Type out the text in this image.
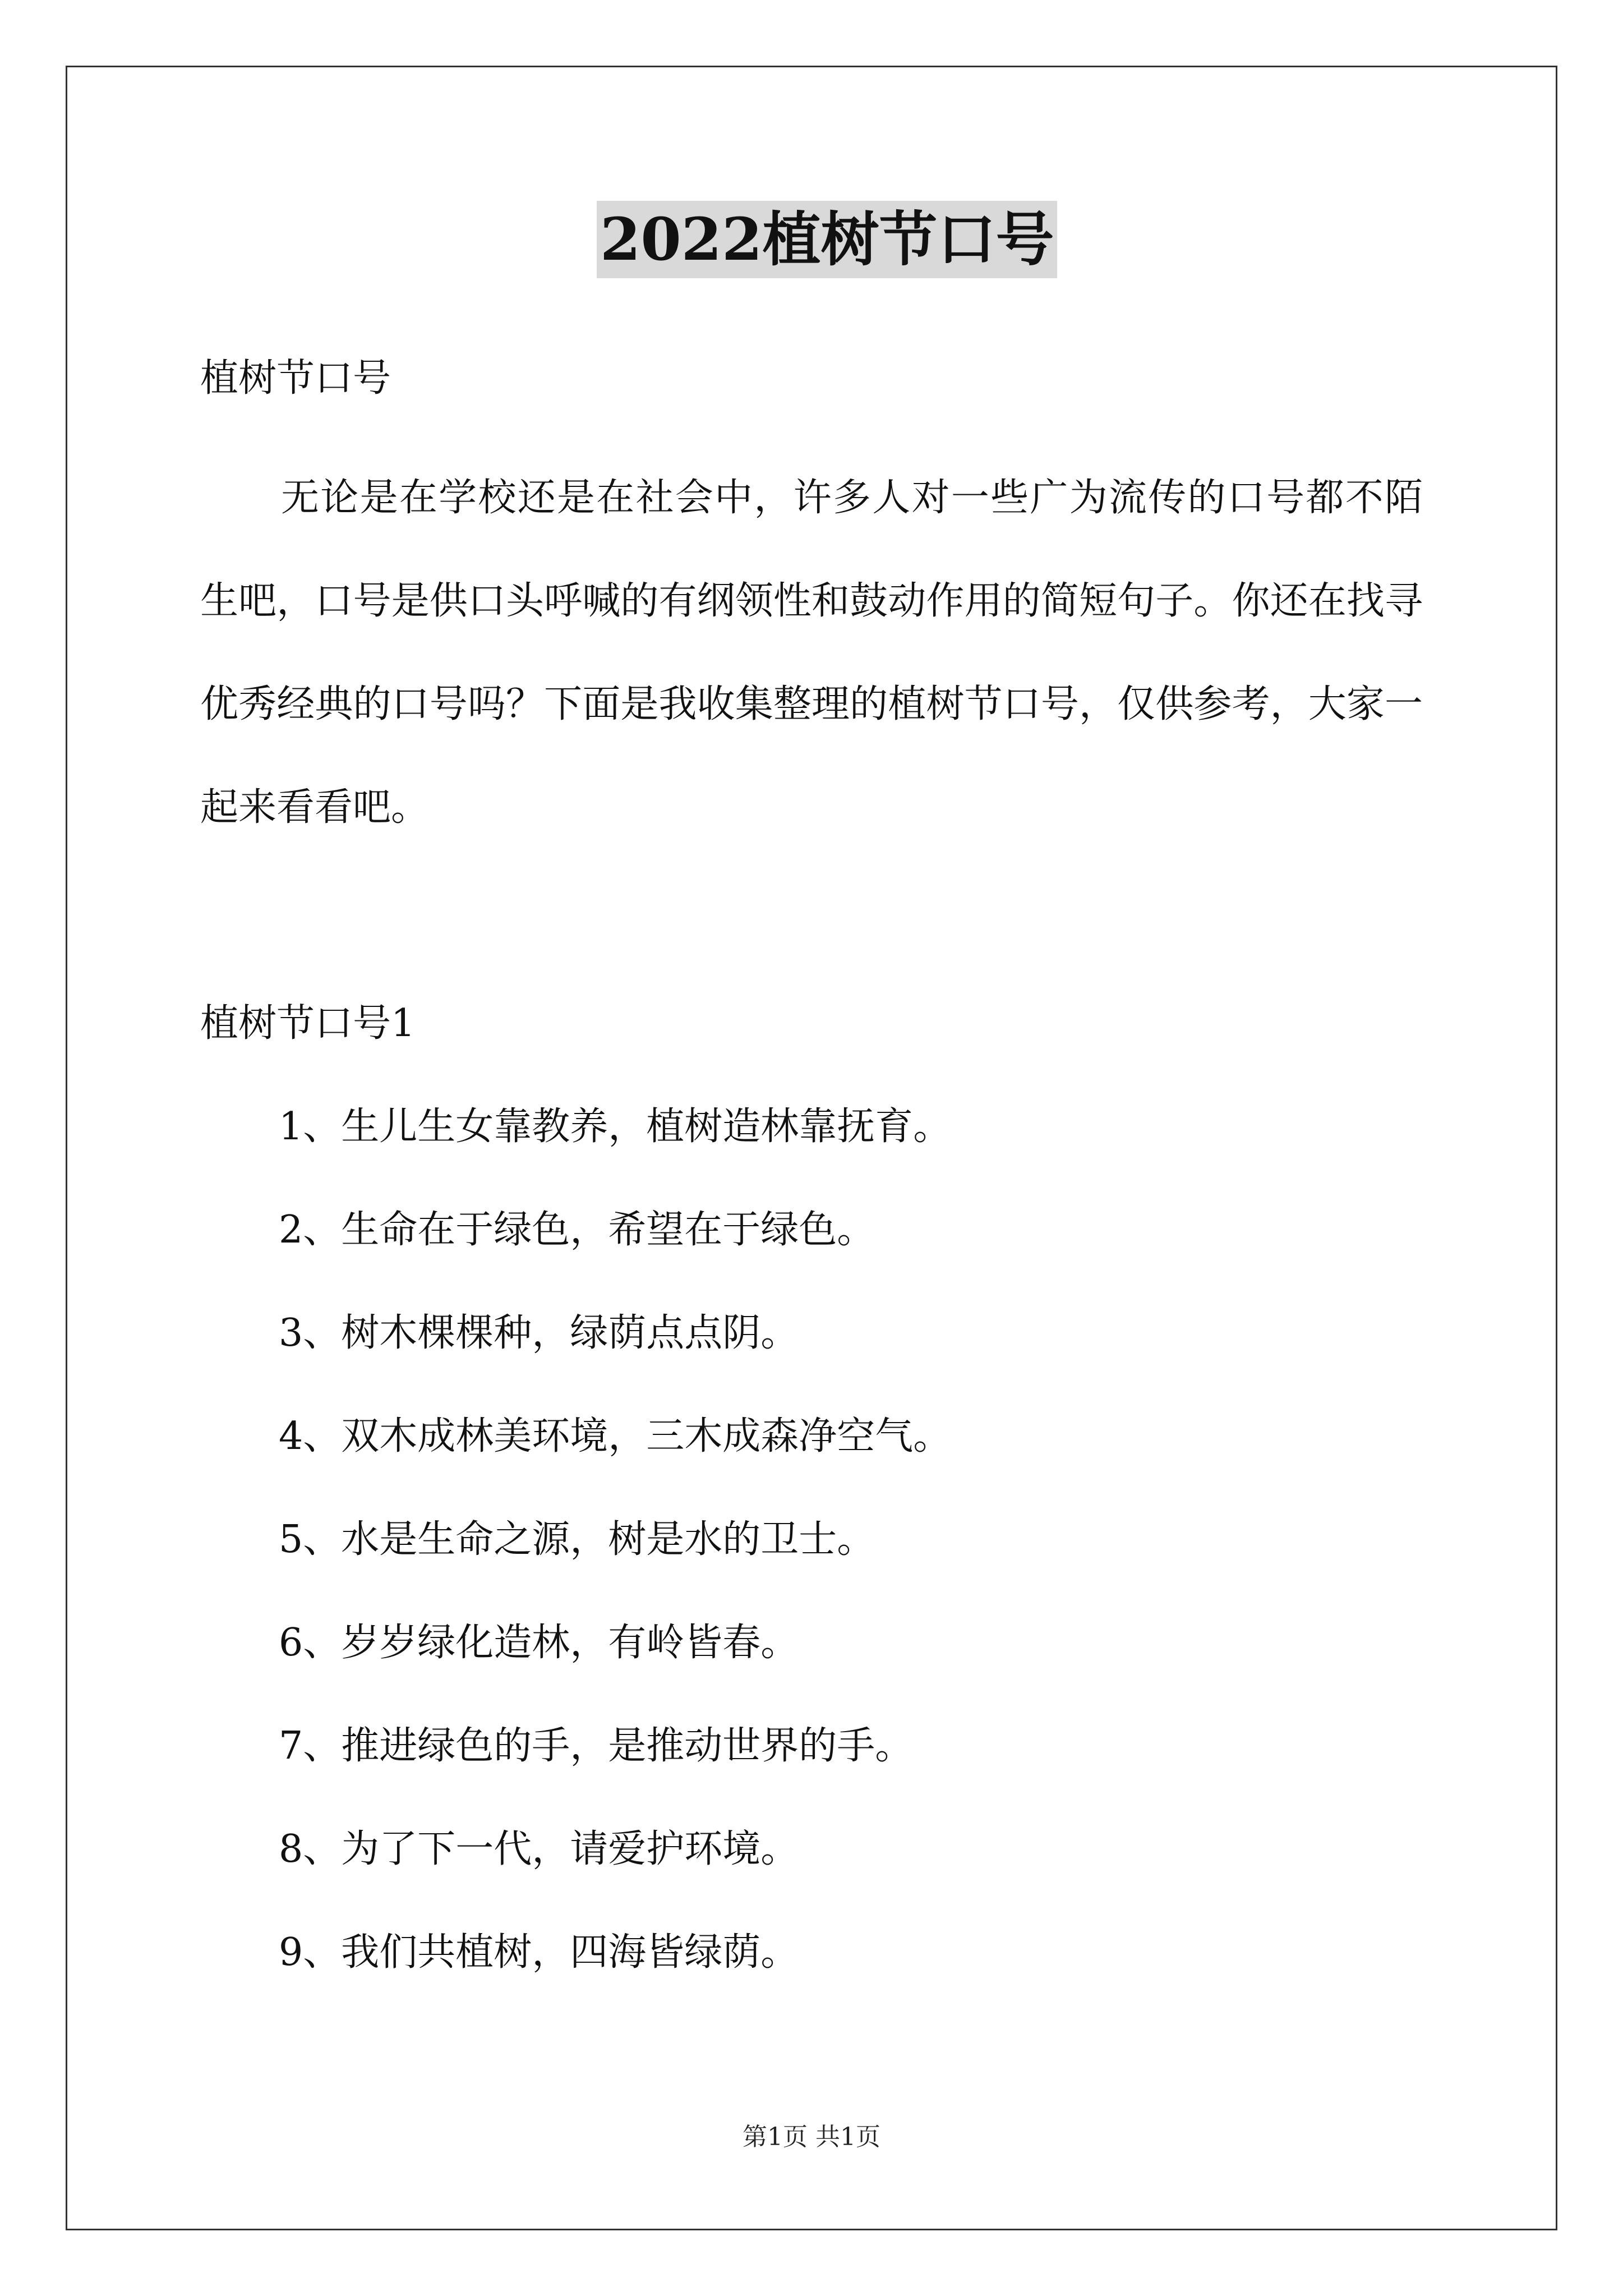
2022植树节口号
植树节口号
无论是在学校还是在社会中，许多人对一些广为流传的口号都不陌生吧，口号是供口头呼喊的有纲领性和鼓动作用的简短句子。你还在找寻优秀经典的口号吗？下面是我收集整理的植树节口号，仅供参考，大家一起来看看吧。
植树节口号1
1、生儿生女靠教养，植树造林靠抚育。
2、生命在于绿色，希望在于绿色。
3、树木棵棵种，绿荫点点阴。
4、双木成林美环境，三木成森净空气。
5、水是生命之源，树是水的卫士。
6、岁岁绿化造林，有岭皆春。
7、推进绿色的手，是推动世界的手。
8、为了下一代，请爱护环境。
9、我们共植树，四海皆绿荫。
第1页 共1页
